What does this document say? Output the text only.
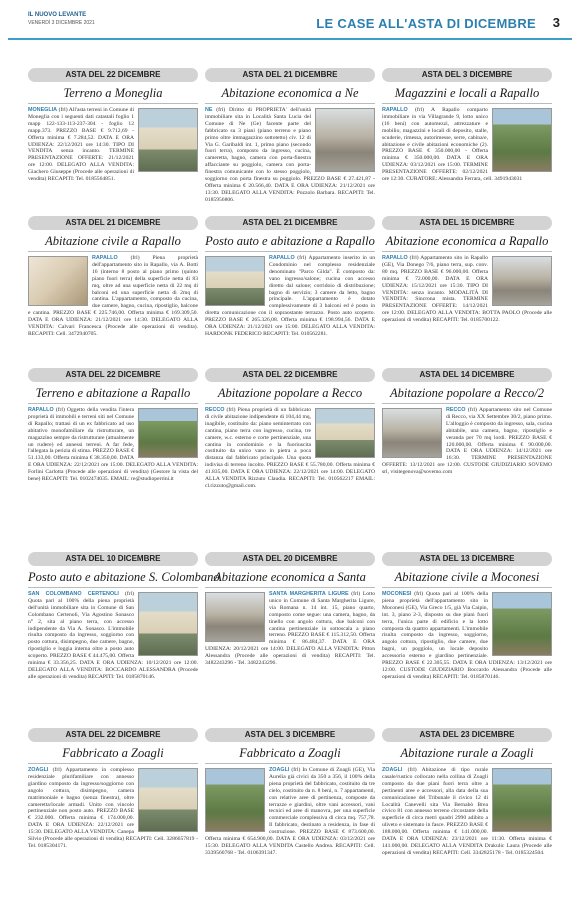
IL NUOVO LEVANTE
VENERDÌ 3 DICEMBRE 2021	LE CASE ALL'ASTA DI DICEMBRE 3
ASTA DEL 22 DICEMBRE
Terreno a Moneglia
MONEGLIA (frl) All'asta terreni in Comune di Moneglia con i seguenti dati catastali foglio 1 mapp 122-133-113-237-304 - foglio 12 mapp.373. PREZZO BASE € 9.712,69 - Offerta minima € 7.284,52. DATA E ORA UDIENZA: 22/12/2021 ore 14:30. TIPO DI VENDITA senza incanto. TERMINE PRESENTAZIONE OFFERTE: 21/12/2021 ore 12:00. DELEGATO ALLA VENDITA: Giachero Giuseppe (Procede alle operazioni di vendita) RECAPITI: Tel. 0185564851.
ASTA DEL 21 DICEMBRE
Abitazione economica a Ne
NE (frl) Diritto di PROPRIETA' dell'unità immobiliare sita in Località Santa Lucia del Comune di Ne (Ge) facente parte del fabbricato su 3 piani (piano terreno e piano primo oltre immagazzino sottotetto) civ. 12 di Via G. Garibaldi int. 1, primo piano (secondo fuori terra), composto da ingresso, cucina, cameretta, bagno, camera con porta-finestra affacciante su poggiolo, camera con porta-finestra comunicante con lo stesso poggiolo, soggiorno con porta finestra su poggiolo. PREZZO BASE € 27.421,87 - Offerta minima € 20.566,40. DATA E ORA UDIENZA: 21/12/2021 ore 13:30. DELEGATO ALLA VENDITA: Pozzolo Barbara. RECAPITI: Tel. 0185956806.
ASTA DEL 3 DICEMBRE
Magazzini e locali a Rapallo
RAPALLO (frl) A Rapallo comparto immobiliare in via Villagrande 9, lotto unico (16 beni) con automezzi, attrezzature e mobilio, magazzini e locali di deposito, stalle, scuderie, rimessa, autorimesse, serre, cabina/e, abitazione e civile abitazioni economiche (2). PREZZO BASE € 350.000,00 - Offerta minima € 350.000,00. DATA E ORA UDIENZA: 03/12/2021 ore 15:00. TERMINE PRESENTAZIONE OFFERTE: 02/12/2021 ore 12:30. CURATORE: Alessandra Ferrara, cell. 3491943031
ASTA DEL 21 DICEMBRE
Abitazione civile a Rapallo
RAPALLO (frl) Piena proprietà dell'appartamento sito in Rapallo, via A. Botti 16 (interno 8 posto al piano primo (quinto piano fuori terra) della superficie netta di 83 mq, oltre ad una superficie netta di 22 mq di balconi ed una superficie netta di 2mq di cantina. L'appartamento, composto da cucina, due camere, bagno, cucina, ripostiglio, balcone e cantina. PREZZO BASE € 225.746,00. Offerta minima € 169.309,50. DATA E ORA UDIENZA: 21/12/2021 ore 14:30. DELEGATO ALLA VENDITA: Calvari Francesca (Procede alle operazioni di vendita). RECAPITI: Cell. 3472940705.
ASTA DEL 21 DICEMBRE
Posto auto e abitazione a Rapallo
RAPALLO (frl) Appartamento inserito in un Condominio nel complesso residenziale denominato "Parco Gilda". È composto da: vano ingresso/salone; cucina con accesso diretto dal salone; corridoio di distribuzione; bagno di servizio; 3 camere da letto, bagno principale. L'appartamento è dotato complessivamente di 3 balconi ed è posto in diretta comunicazione con il sopraostante terrazzo. Posto auto scoperto. PREZZO BASE € 265.326,08. Offerta minima € 198.994,56. DATA E ORA UDIENZA: 21/12/2021 ore 15:00. DELEGATO ALLA VENDITA: HARDONK FEDERICO RECAPITI: Tel. 010562281.
ASTA DEL 15 DICEMBRE
Abitazione economica a Rapallo
RAPALLO (frl) Appartamento sito in Rapallo (GE), Via Donego 7/6, piano terra, sup. conv. 80 mq. PREZZO BASE € 96.000,00. Offerta minima € 72.000,00. DATA E ORA UDIENZA: 15/12/2021 ore 15:30. TIPO DI VENDITA: senza incanto. MODALITÀ DI VENDITA: Sincrona mista. TERMINE PRESENTAZIONE OFFERTE: 14/12/2021 ore 12:00. DELEGATO ALLA VENDITA: BOTTA PAOLO (Procede alle operazioni di vendita) RECAPITI: Tel. 0185700122.
ASTA DEL 22 DICEMBRE
Terreno e abitazione a Rapallo
RAPALLO (frl) Oggetto della vendita l'intera proprietà di immobili e terreni siti nel Comune di Rapallo; trattasi di un ex fabbricato ad uso abitativo monofamiliare da ristrutturare, un magazzino sempre da ristrutturare (attualmente un rudere) ed annessi terreni. A far fede, l'allegata la perizia di stima. PREZZO BASE € 51.133,00. Offerta minima € 38.350,00. DATA E ORA UDIENZA: 22/12/2021 ore 15:00. DELEGATO ALLA VENDITA: Forlini Carlotta (Procede alle operazioni di vendita) (Gestore la vista del bene) RECAPITI: Tel. 0102474035. EMAIL: re@studioperrini.it
ASTA DEL 22 DICEMBRE
Abitazione popolare a Recco
RECCO (frl) Piena proprietà di un fabbricato di civile abitazione indipendente di 104,44 mq, inagibile, costituito da: piano seminterrato con cantina, piano terra con ingresso, cucina, tre camere, w.c. esterno e corte pertinenziale, una cantina in condominio e la fuoriuscita costituito da unico vano in pietra a poca distanza dal fabbricato principale. Una quota indivisa di terreno incolto. PREZZO BASE € 55.780,00. Offerta minima € 41.835,00. DATA E ORA UDIENZA: 22/12/2021 ore 14:00. DELEGATO ALLA VENDITA Rizzuto Claudia. RECAPITI: Tel. 010562217 EMAIL: cl.rizzuto@gmail.com.
ASTA DEL 14 DICEMBRE
Abitazione popolare a Recco/2
RECCO (frl) Appartamento sito nel Comune di Recco, via XX Settembre 30/2, piano primo. L'alloggio è composto da ingresso, sala, cucina abitabile, una camera, bagno, ripostiglio e veranda per 70 mq lordi. PREZZO BASE € 120.000,00. Offerta minima € 90.000,00. DATA E ORA UDIENZA: 14/12/2021 ore 16:30. TERMINE PRESENTAZIONE OFFERTE: 13/12/2021 ore 12:00. CUSTODE GIUDIZIARIO SOVEMO srl, visitegenova@sovemo.com
ASTA DEL 10 DICEMBRE
Posto auto e abitazione S. Colombano
SAN COLOMBANO CERTENOLI (frl) Quota pari al 100% della piena proprietà dell'unità immobiliare sita in Comune di San Colombano Certenoli, Via Agostino Sonasco n° 2, sita al piano terra, con accesso indipendente da Via A. Sonasco. L'immobile risulta composto da ingresso, soggiorno con posto cottura, disimpegno, due camere, bagno, ripostiglio e loggia interna oltre a posto auto scoperto. PREZZO BASE € 44.475,00. Offerta minima € 33.356,25. DATA E ORA UDIENZA: 10/12/2021 ore 12:00. DELEGATO ALLA VENDITA: BOCCARDO ALESSANDRA (Procede alle operazioni di vendita) RECAPITI: Tel. 0185870146.
ASTA DEL 20 DICEMBRE
Abitazione economica a Santa
SANTA MARGHERITA LIGURE (frl) Lotto unico in Comune di Santa Margherita Ligure, via Romana n. 14 int. 15, piano quarto, composto come segue: una camera, bagno, da tinello con angolo cottura, due balconi con cantina pertinenziale in sottoscala a piano terreno. PREZZO BASE € 115.312,50. Offerta minima € 86.484,37. DATA E ORA UDIENZA: 20/12/2021 ore 14:00. DELEGATO ALLA VENDITA: Pitton Alessandra (Procede alle operazioni di vendita) RECAPITI: Tel. 3482243296 - Tel. 3482243296.
ASTA DEL 13 DICEMBRE
Abitazione civile a Moconesi
MOCONESI (frl) Quota pari al 100% della piena proprietà dell'appartamento sito in Moconesi (GE), Via Greco 1/5, già Via Caipin, int. 3, piano 2-3, disposto su due piani fuori terra, l'unica parte di edificio e la lotto composta da quattro appartamenti. L'immobile risulta composto da ingresso, soggiorno, angolo cottura, ripostiglio, due camere, due bagni, un poggiolo, un locale deposito accessorio esterno e giardino pertinenziale. PREZZO BASE € 22.305,55. DATA E ORA UDIENZA: 13/12/2021 ore 12:00. CUSTODE GIUDIZIARIO Boccardo Alessandra (Procede alle operazioni di vendita) RECAPITI: Tel. 0185870146.
ASTA DEL 22 DICEMBRE
Fabbricato a Zoagli
ZOAGLI (frl) Appartamento in complesso residenziale plurifamiliare con annesso giardino composto da ingresso/soggiorno con angolo cottura, disimpegno, camera matrimoniale e bagno (senza finestra), oltre cameretta/locale armadi. Unito con vincolo pertinenziale non posto auto. PREZZO BASE € 232.000. Offerta minima € 174.000,00. DATA E ORA UDIENZA: 22/12/2021 ore 15:30. DELEGATO ALLA VENDITA: Canepa Silvio (Procede alle operazioni di vendita) RECAPITI: Cell. 3286657819 - Tel. 0185304171.
ASTA DEL 3 DICEMBRE
Fabbricato a Zoagli
ZOAGLI (frl) In Comune di Zoagli (GE), Via Aurelia già civici da 350 a 356, il 100% della piena proprietà del fabbricato, costituito da tre cielo, costituito da n. 8 beni, n. 7 appartamenti, con relative aree di pertinenza, composte da terrazze e giardini, oltre vani accessori, vani tecnici ed aree di manovra, per una superficie commerciale complessiva di circa mq. 757,78. Il fabbricato, destinato a residenza, in fase di costruzione. PREZZO BASE € 873.600,00. Offerta minima € 654.900,00. DATA E ORA UDIENZA: 03/12/2021 ore 15:30. DELEGATO ALLA VENDITA Castello Andrea. RECAPITI: Cell. 3339560768 - Tel. 0106391347.
ASTA DEL 23 DICEMBRE
Abitazione rurale a Zoagli
ZOAGLI (frl) Abitazione di tipo rurale casale/rustico collocato nella collina di Zoagli composto da due piani fuori terra oltre a pertinenti aree e accessori, alla data della sua comunicazione del Tribunale il civico 12 di Località Canevelli sita Via Bernabò Brea civico 81 con annesso terreno circostante della superficie di circa metri quadri 2990 adibito a uliveto e sistemato in fasce. PREZZO BASE € 188.000,00. Offerta minima € 141.000,00. DATA E ORA UDIENZA: 23/12/2021 ore 11:30. Offerta minima € 141.000,00. DELEGATO ALLA VENDITA Drakulic Laura (Procede alle operazioni di vendita) RECAPITI: Cell. 3342825178 - Tel. 0185324504.
